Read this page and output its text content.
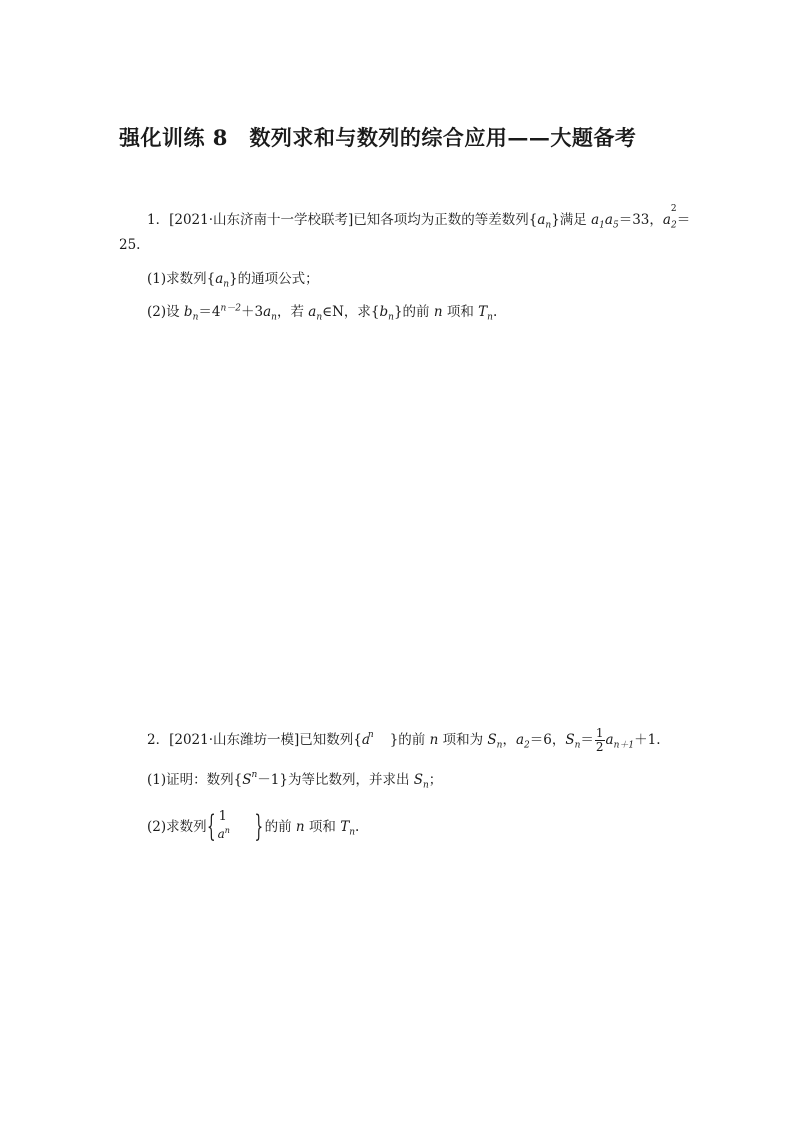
强化训练 8　数列求和与数列的综合应用——大题备考
1．[2021·山东济南十一学校联考]已知各项均为正数的等差数列$\{a_n\}$满足 $a_1a_5=33$，$a_2$
2
＝
25.
(1)求数列$\{a_n\}$的通项公式；
(2)设 $b_n=4^{n-2}+3a_n$，若 $a_n\in N$，求$\{b_n\}$的前 n 项和 $T_n$.
2．[2021·山东潍坊一模]已知数列{$a^n$ }的前 n 项和为 $S_n$，$a_2=6$，$S_n= \frac{1}{2} a_{n+1}+1$.
(1)证明：数列$\{S^n-1\}$为等比数列，并求出 $S_n$；
(2)求数列 { 1
$a^n$ } 的前 n 项和 $T_n$.
